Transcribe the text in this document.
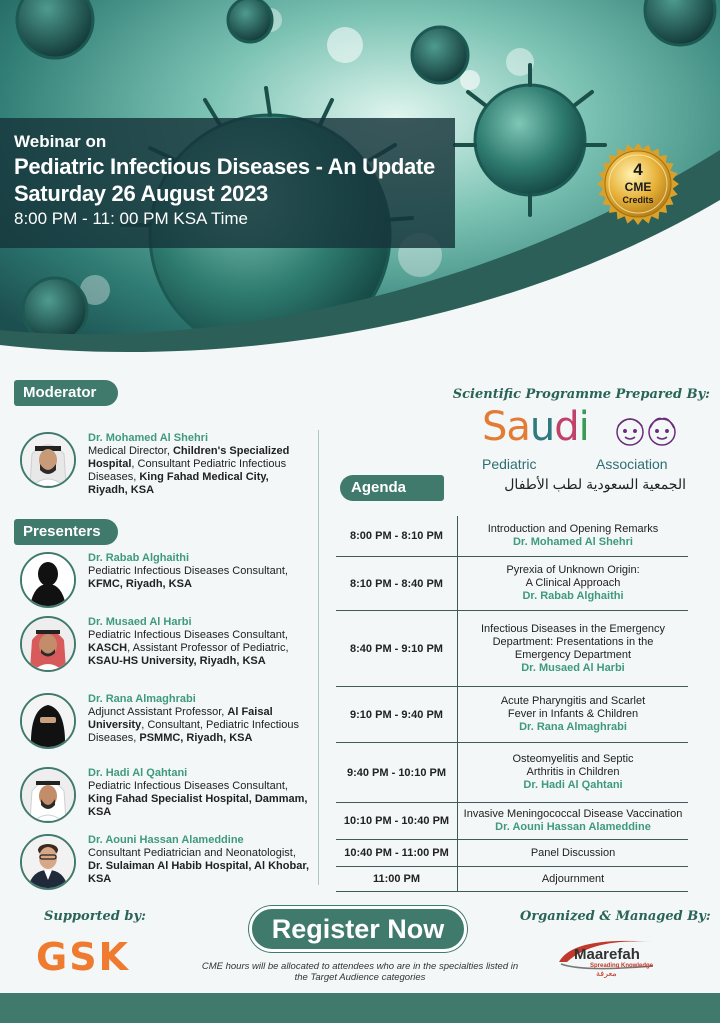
Webinar on
Pediatric Infectious Diseases - An Update
Saturday 26 August 2023
8:00 PM - 11: 00 PM KSA Time
4
CME
Credits
Moderator
Dr. Mohamed Al Shehri
Medical Director, Children's Specialized Hospital, Consultant Pediatric Infectious Diseases, King Fahad Medical City, Riyadh, KSA
Presenters
Dr. Rabab Alghaithi
Pediatric Infectious Diseases Consultant, KFMC, Riyadh, KSA
Dr. Musaed Al Harbi
Pediatric Infectious Diseases Consultant, KASCH, Assistant Professor of Pediatric, KSAU-HS University, Riyadh, KSA
Dr. Rana Almaghrabi
Adjunct Assistant Professor, Al Faisal University, Consultant, Pediatric Infectious Diseases, PSMMC, Riyadh, KSA
Dr. Hadi Al Qahtani
Pediatric Infectious Diseases Consultant, King Fahad Specialist Hospital, Dammam, KSA
Dr. Aouni Hassan Alameddine
Consultant Pediatrician and Neonatologist, Dr. Sulaiman Al Habib Hospital, Al Khobar, KSA
Scientific Programme Prepared By:
Saudi
Pediatric	Association
الجمعية السعودية لطب الأطفال
Agenda
8:00 PM - 8:10 PM
Introduction and Opening Remarks
Dr. Mohamed Al Shehri
8:10 PM - 8:40 PM
Pyrexia of Unknown Origin:
A Clinical Approach
Dr. Rabab Alghaithi
8:40 PM - 9:10 PM
Infectious Diseases in the Emergency
Department: Presentations in the
Emergency Department
Dr. Musaed Al Harbi
9:10 PM - 9:40 PM
Acute Pharyngitis and Scarlet
Fever in Infants & Children
Dr. Rana Almaghrabi
9:40 PM - 10:10 PM
Osteomyelitis and Septic
Arthritis in Children
Dr. Hadi Al Qahtani
10:10 PM - 10:40 PM
Invasive Meningococcal Disease Vaccination
Dr. Aouni Hassan Alameddine
10:40 PM - 11:00 PM	Panel Discussion
11:00 PM	Adjournment
Supported by:
GSK
Register Now
CME hours will be allocated to attendees who are in the specialties listed in the Target Audience categories
Organized & Managed By:
Maarefah
Spreading Knowledge
معرفة
